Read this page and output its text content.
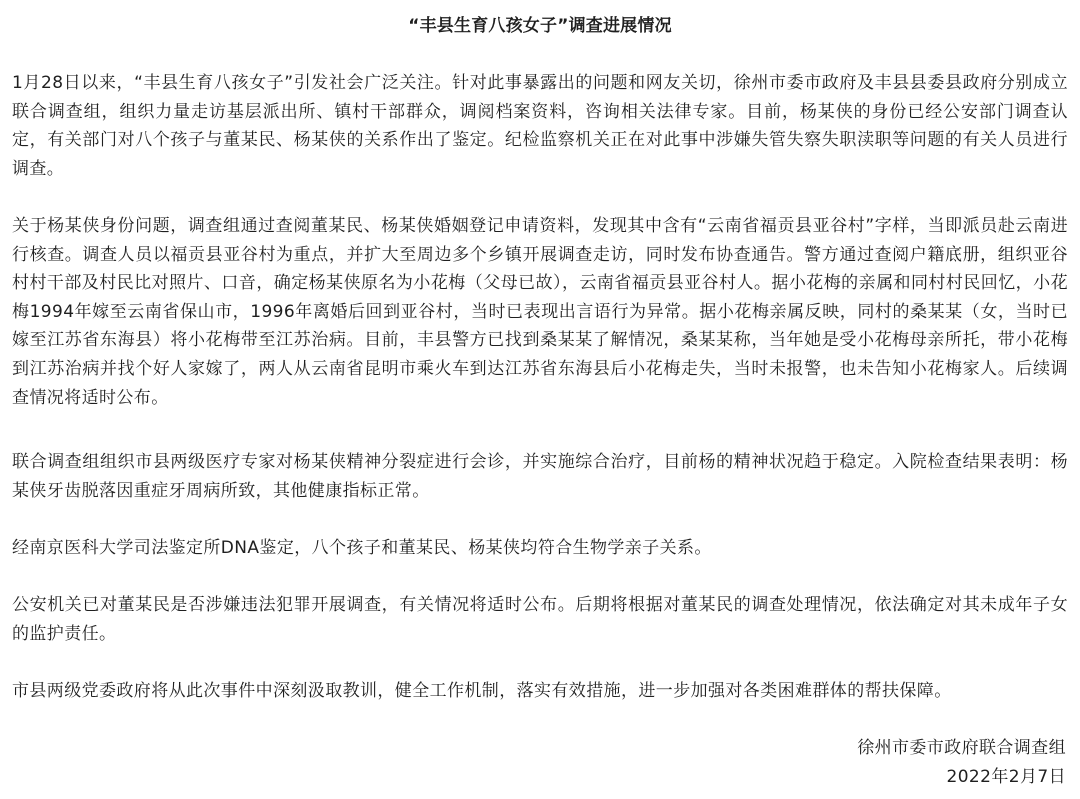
“丰县生育八孩女子”调查进展情况

1月28日以来，“丰县生育八孩女子”引发社会广泛关注。针对此事暴露出的问题和网友关切，徐州市委市政府及丰县县委县政府分别成立联合调查组，组织力量走访基层派出所、镇村干部群众，调阅档案资料，咨询相关法律专家。目前，杨某侠的身份已经公安部门调查认定，有关部门对八个孩子与董某民、杨某侠的关系作出了鉴定。纪检监察机关正在对此事中涉嫌失管失察失职渎职等问题的有关人员进行调查。

关于杨某侠身份问题，调查组通过查阅董某民、杨某侠婚姻登记申请资料，发现其中含有“云南省福贡县亚谷村”字样，当即派员赴云南进行核查。调查人员以福贡县亚谷村为重点，并扩大至周边多个乡镇开展调查走访，同时发布协查通告。警方通过查阅户籍底册，组织亚谷村村干部及村民比对照片、口音，确定杨某侠原名为小花梅（父母已故），云南省福贡县亚谷村人。据小花梅的亲属和同村村民回忆，小花梅1994年嫁至云南省保山市，1996年离婚后回到亚谷村，当时已表现出言语行为异常。据小花梅亲属反映，同村的桑某某（女，当时已嫁至江苏省东海县）将小花梅带至江苏治病。目前，丰县警方已找到桑某某了解情况，桑某某称，当年她是受小花梅母亲所托，带小花梅到江苏治病并找个好人家嫁了，两人从云南省昆明市乘火车到达江苏省东海县后小花梅走失，当时未报警，也未告知小花梅家人。后续调查情况将适时公布。

联合调查组组织市县两级医疗专家对杨某侠精神分裂症进行会诊，并实施综合治疗，目前杨的精神状况趋于稳定。入院检查结果表明：杨某侠牙齿脱落因重症牙周病所致，其他健康指标正常。

经南京医科大学司法鉴定所DNA鉴定，八个孩子和董某民、杨某侠均符合生物学亲子关系。

公安机关已对董某民是否涉嫌违法犯罪开展调查，有关情况将适时公布。后期将根据对董某民的调查处理情况，依法确定对其未成年子女的监护责任。

市县两级党委政府将从此次事件中深刻汲取教训，健全工作机制，落实有效措施，进一步加强对各类困难群体的帮扶保障。

徐州市委市政府联合调查组
2022年2月7日
